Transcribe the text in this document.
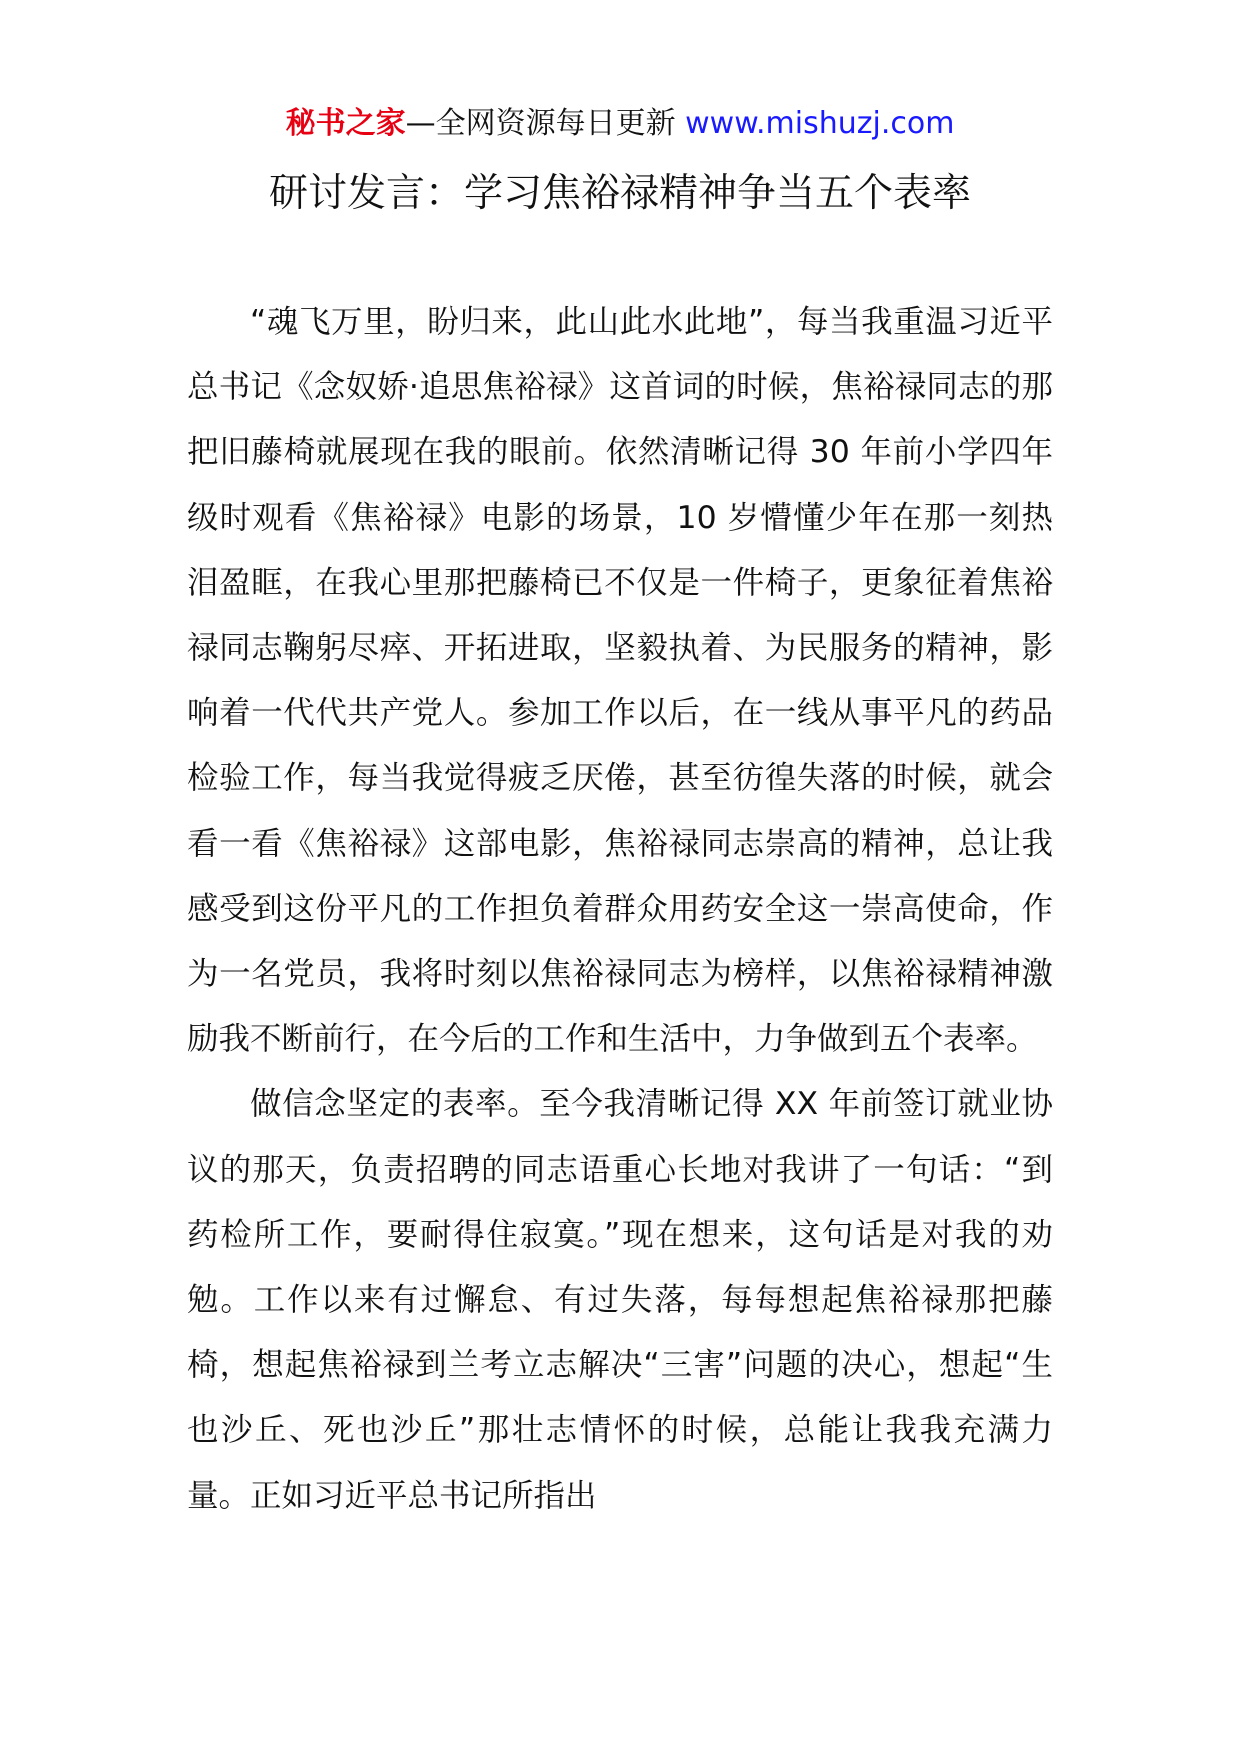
秘书之家—全网资源每日更新 www.mishuzj.com
研讨发言：学习焦裕禄精神争当五个表率

“魂飞万里，盼归来，此山此水此地”，每当我重温习近平总书记《念奴娇·追思焦裕禄》这首词的时候，焦裕禄同志的那把旧藤椅就展现在我的眼前。依然清晰记得 30 年前小学四年级时观看《焦裕禄》电影的场景，10 岁懵懂少年在那一刻热泪盈眶，在我心里那把藤椅已不仅是一件椅子，更象征着焦裕禄同志鞠躬尽瘁、开拓进取，坚毅执着、为民服务的精神，影响着一代代共产党人。参加工作以后，在一线从事平凡的药品检验工作，每当我觉得疲乏厌倦，甚至彷徨失落的时候，就会看一看《焦裕禄》这部电影，焦裕禄同志崇高的精神，总让我感受到这份平凡的工作担负着群众用药安全这一崇高使命，作为一名党员，我将时刻以焦裕禄同志为榜样，以焦裕禄精神激励我不断前行，在今后的工作和生活中，力争做到五个表率。

做信念坚定的表率。至今我清晰记得 XX 年前签订就业协议的那天，负责招聘的同志语重心长地对我讲了一句话：“到药检所工作，要耐得住寂寞。”现在想来，这句话是对我的劝勉。工作以来有过懈怠、有过失落，每每想起焦裕禄那把藤椅，想起焦裕禄到兰考立志解决“三害”问题的决心，想起“生也沙丘、死也沙丘”那壮志情怀的时候，总能让我我充满力量。正如习近平总书记所指出
